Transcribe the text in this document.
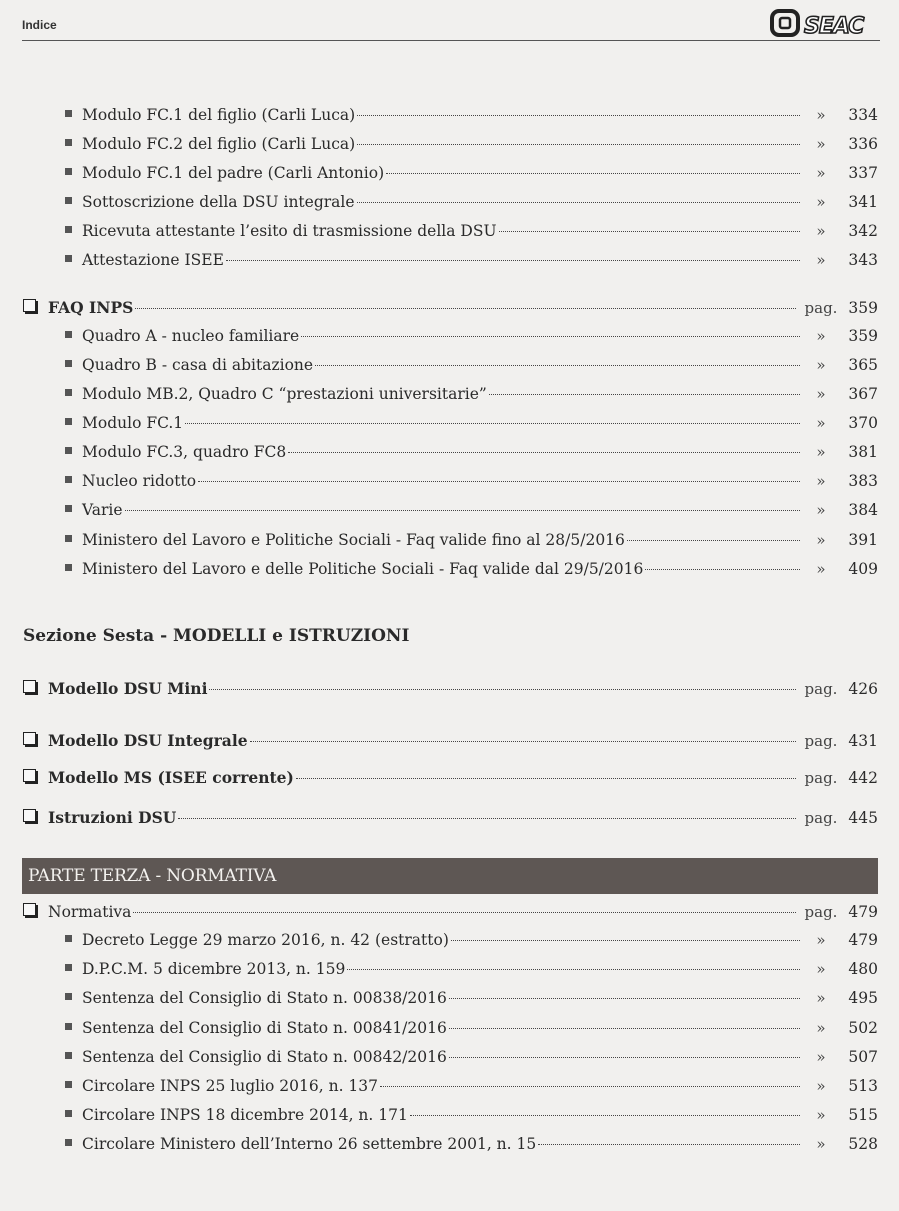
Indice	SEAC
Modulo FC.1 del figlio (Carli Luca)	»	334
Modulo FC.2 del figlio (Carli Luca)	»	336
Modulo FC.1 del padre (Carli Antonio)	»	337
Sottoscrizione della DSU integrale	»	341
Ricevuta attestante l’esito di trasmissione della DSU	»	342
Attestazione ISEE	»	343
FAQ INPS	pag. 359
Quadro A - nucleo familiare	»	359
Quadro B - casa di abitazione	»	365
Modulo MB.2, Quadro C “prestazioni universitarie”	»	367
Modulo FC.1	»	370
Modulo FC.3, quadro FC8	»	381
Nucleo ridotto	»	383
Varie	»	384
Ministero del Lavoro e Politiche Sociali - Faq valide fino al 28/5/2016	»	391
Ministero del Lavoro e delle Politiche Sociali - Faq valide dal 29/5/2016	»	409
Sezione Sesta - MODELLI e ISTRUZIONI
Modello DSU Mini	pag. 426
Modello DSU Integrale	pag. 431
Modello MS (ISEE corrente)	pag. 442
Istruzioni DSU	pag. 445
PARTE TERZA - NORMATIVA
Normativa	pag. 479
Decreto Legge 29 marzo 2016, n. 42 (estratto)	»	479
D.P.C.M. 5 dicembre 2013, n. 159	»	480
Sentenza del Consiglio di Stato n. 00838/2016	»	495
Sentenza del Consiglio di Stato n. 00841/2016	»	502
Sentenza del Consiglio di Stato n. 00842/2016	»	507
Circolare INPS 25 luglio 2016, n. 137	»	513
Circolare INPS 18 dicembre 2014, n. 171	»	515
Circolare Ministero dell’Interno 26 settembre 2001, n. 15	»	528
